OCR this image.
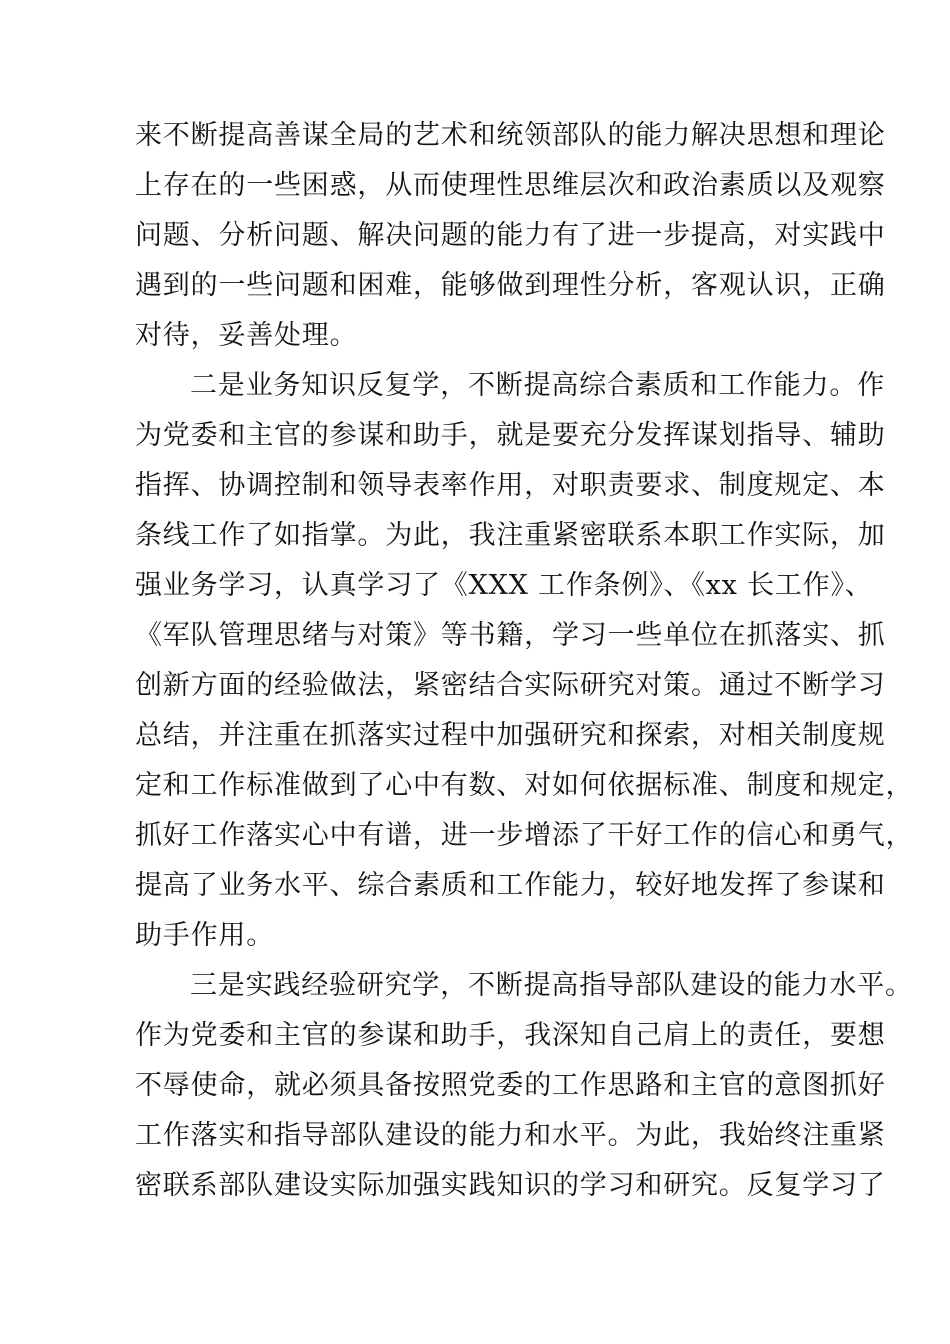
来不断提高善谋全局的艺术和统领部队的能力解决思想和理论
上存在的一些困惑，从而使理性思维层次和政治素质以及观察
问题、分析问题、解决问题的能力有了进一步提高，对实践中
遇到的一些问题和困难，能够做到理性分析，客观认识，正确
对待，妥善处理。
二是业务知识反复学，不断提高综合素质和工作能力。作
为党委和主官的参谋和助手，就是要充分发挥谋划指导、辅助
指挥、协调控制和领导表率作用，对职责要求、制度规定、本
条线工作了如指掌。为此，我注重紧密联系本职工作实际，加
强业务学习，认真学习了《XXX 工作条例》、《xx 长工作》、
《军队管理思绪与对策》等书籍，学习一些单位在抓落实、抓
创新方面的经验做法，紧密结合实际研究对策。通过不断学习
总结，并注重在抓落实过程中加强研究和探索，对相关制度规
定和工作标准做到了心中有数、对如何依据标准、制度和规定，
抓好工作落实心中有谱，进一步增添了干好工作的信心和勇气，
提高了业务水平、综合素质和工作能力，较好地发挥了参谋和
助手作用。
三是实践经验研究学，不断提高指导部队建设的能力水平。
作为党委和主官的参谋和助手，我深知自己肩上的责任，要想
不辱使命，就必须具备按照党委的工作思路和主官的意图抓好
工作落实和指导部队建设的能力和水平。为此，我始终注重紧
密联系部队建设实际加强实践知识的学习和研究。反复学习了
